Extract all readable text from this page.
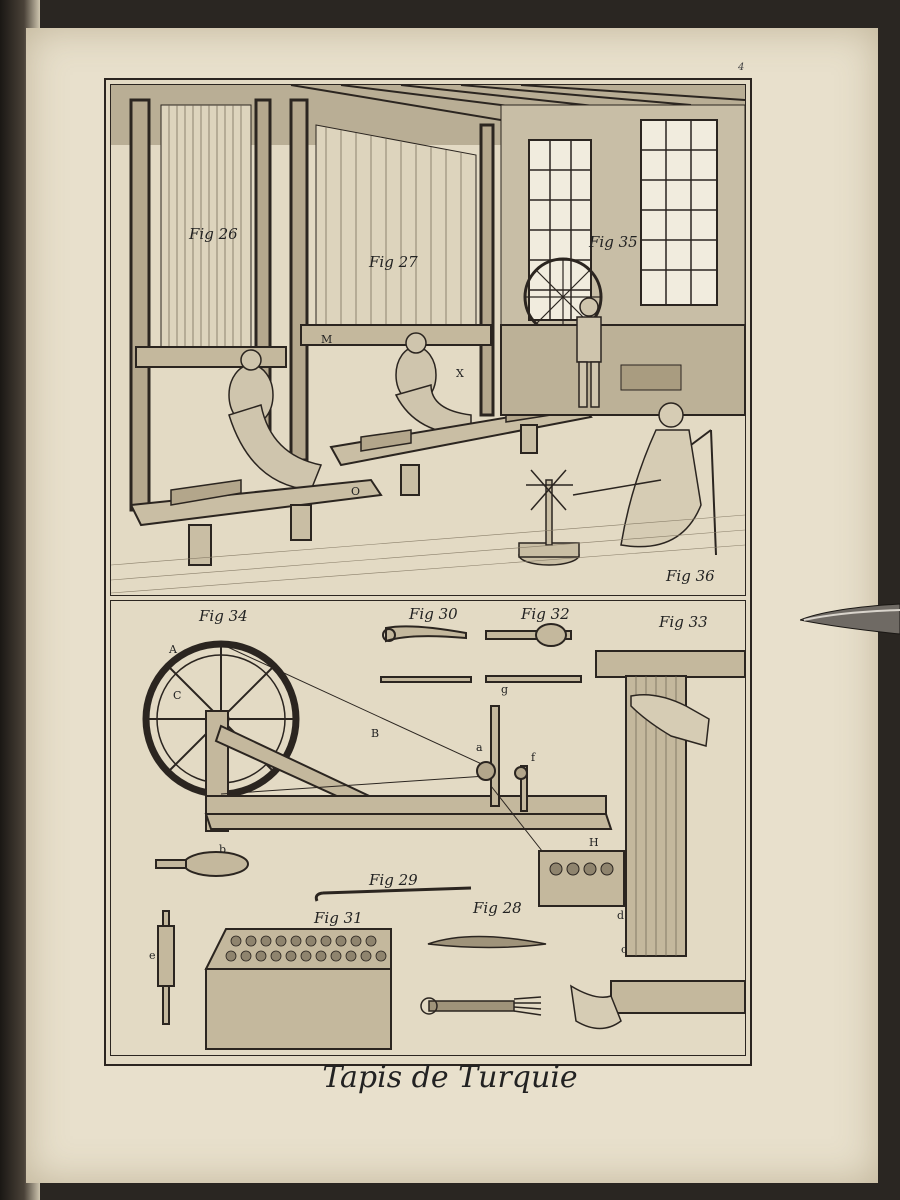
4
Fig 26
Fig 27
Fig 35
Fig 36
X
M
O
Fig 34	Fig 30	Fig 32	Fig 33
Fig 29
Fig 28
Fig 31
A
C
B
g
a
f
H
b
e
d
c
Tapis de Turquie
